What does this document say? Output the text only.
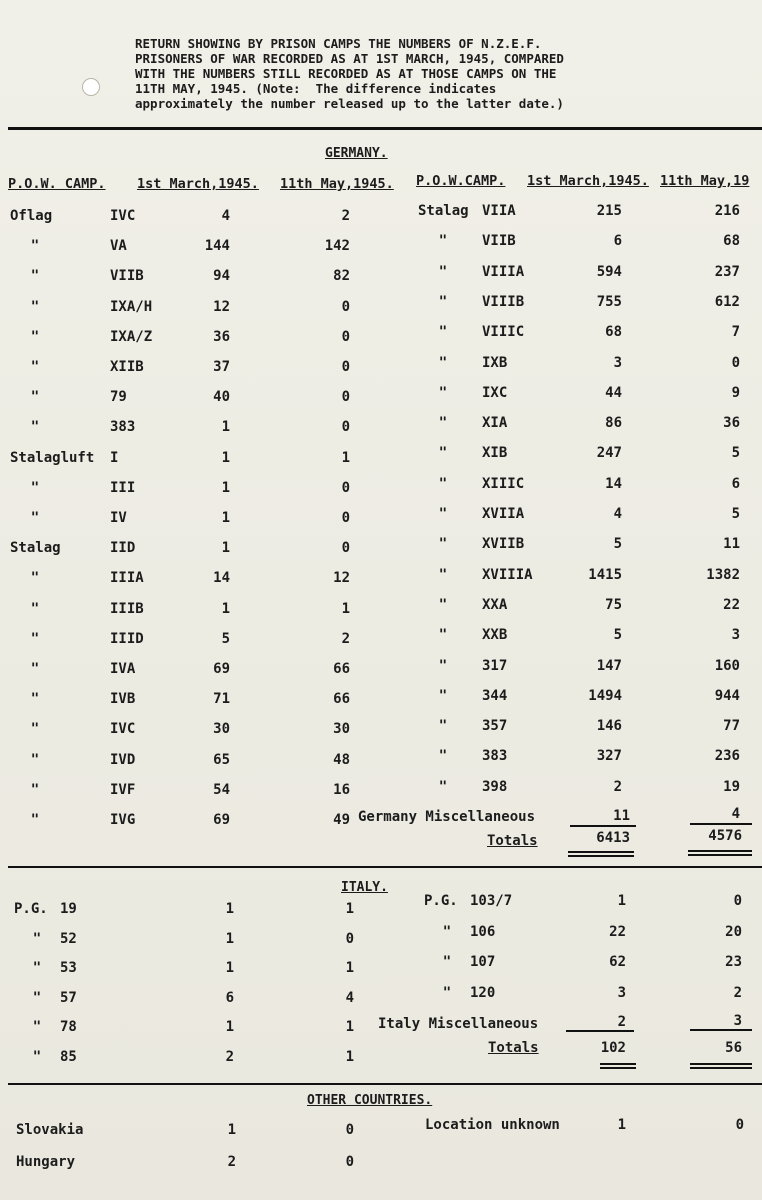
RETURN SHOWING BY PRISON CAMPS THE NUMBERS OF N.Z.E.F.
PRISONERS OF WAR RECORDED AS AT 1ST MARCH, 1945, COMPARED
WITH THE NUMBERS STILL RECORDED AS AT THOSE CAMPS ON THE
11TH MAY, 1945. (Note:  The difference indicates
approximately the number released up to the latter date.)
GERMANY.
P.O.W. CAMP. 1st March,1945. 11th May,1945. P.O.W.CAMP. 1st March,1945. 11th May,19
Oflag	IVC	4	2
"	VA	144	142
"	VIIB	94	82
"	IXA/H	12	0
"	IXA/Z	36	0
"	XIIB	37	0
"	79	40	0
"	383	1	0
Stalagluft I	1	1
"	III	1	0
"	IV	1	0
Stalag	IID	1	0
"	IIIA	14	12
"	IIIB	1	1
"	IIID	5	2
"	IVA	69	66
"	IVB	71	66
"	IVC	30	30
"	IVD	65	48
"	IVF	54	16
"	IVG	69	49
Stalag VIIA	215	216
"	VIIB	6	68
"	VIIIA	594	237
"	VIIIB	755	612
"	VIIIC	68	7
"	IXB	3	0
"	IXC	44	9
"	XIA	86	36
"	XIB	247	5
"	XIIIC	14	6
"	XVIIA	4	5
"	XVIIB	5	11
"	XVIIIA	1415	1382
"	XXA	75	22
"	XXB	5	3
"	317	147	160
"	344	1494	944
"	357	146	77
"	383	327	236
"	398	2	19
Germany Miscellaneous	11	4
Totals	6413	4576
ITALY.
P.G. 19	1	1
"	52	1	0
"	53	1	1
"	57	6	4
"	78	1	1
"	85	2	1
P.G. 103/7	1	0
"	106	22	20
"	107	62	23
"	120	3	2
Italy Miscellaneous	2	3
Totals	102	56
OTHER COUNTRIES.
Slovakia	1	0
Hungary	2	0
Location unknown	1	0
